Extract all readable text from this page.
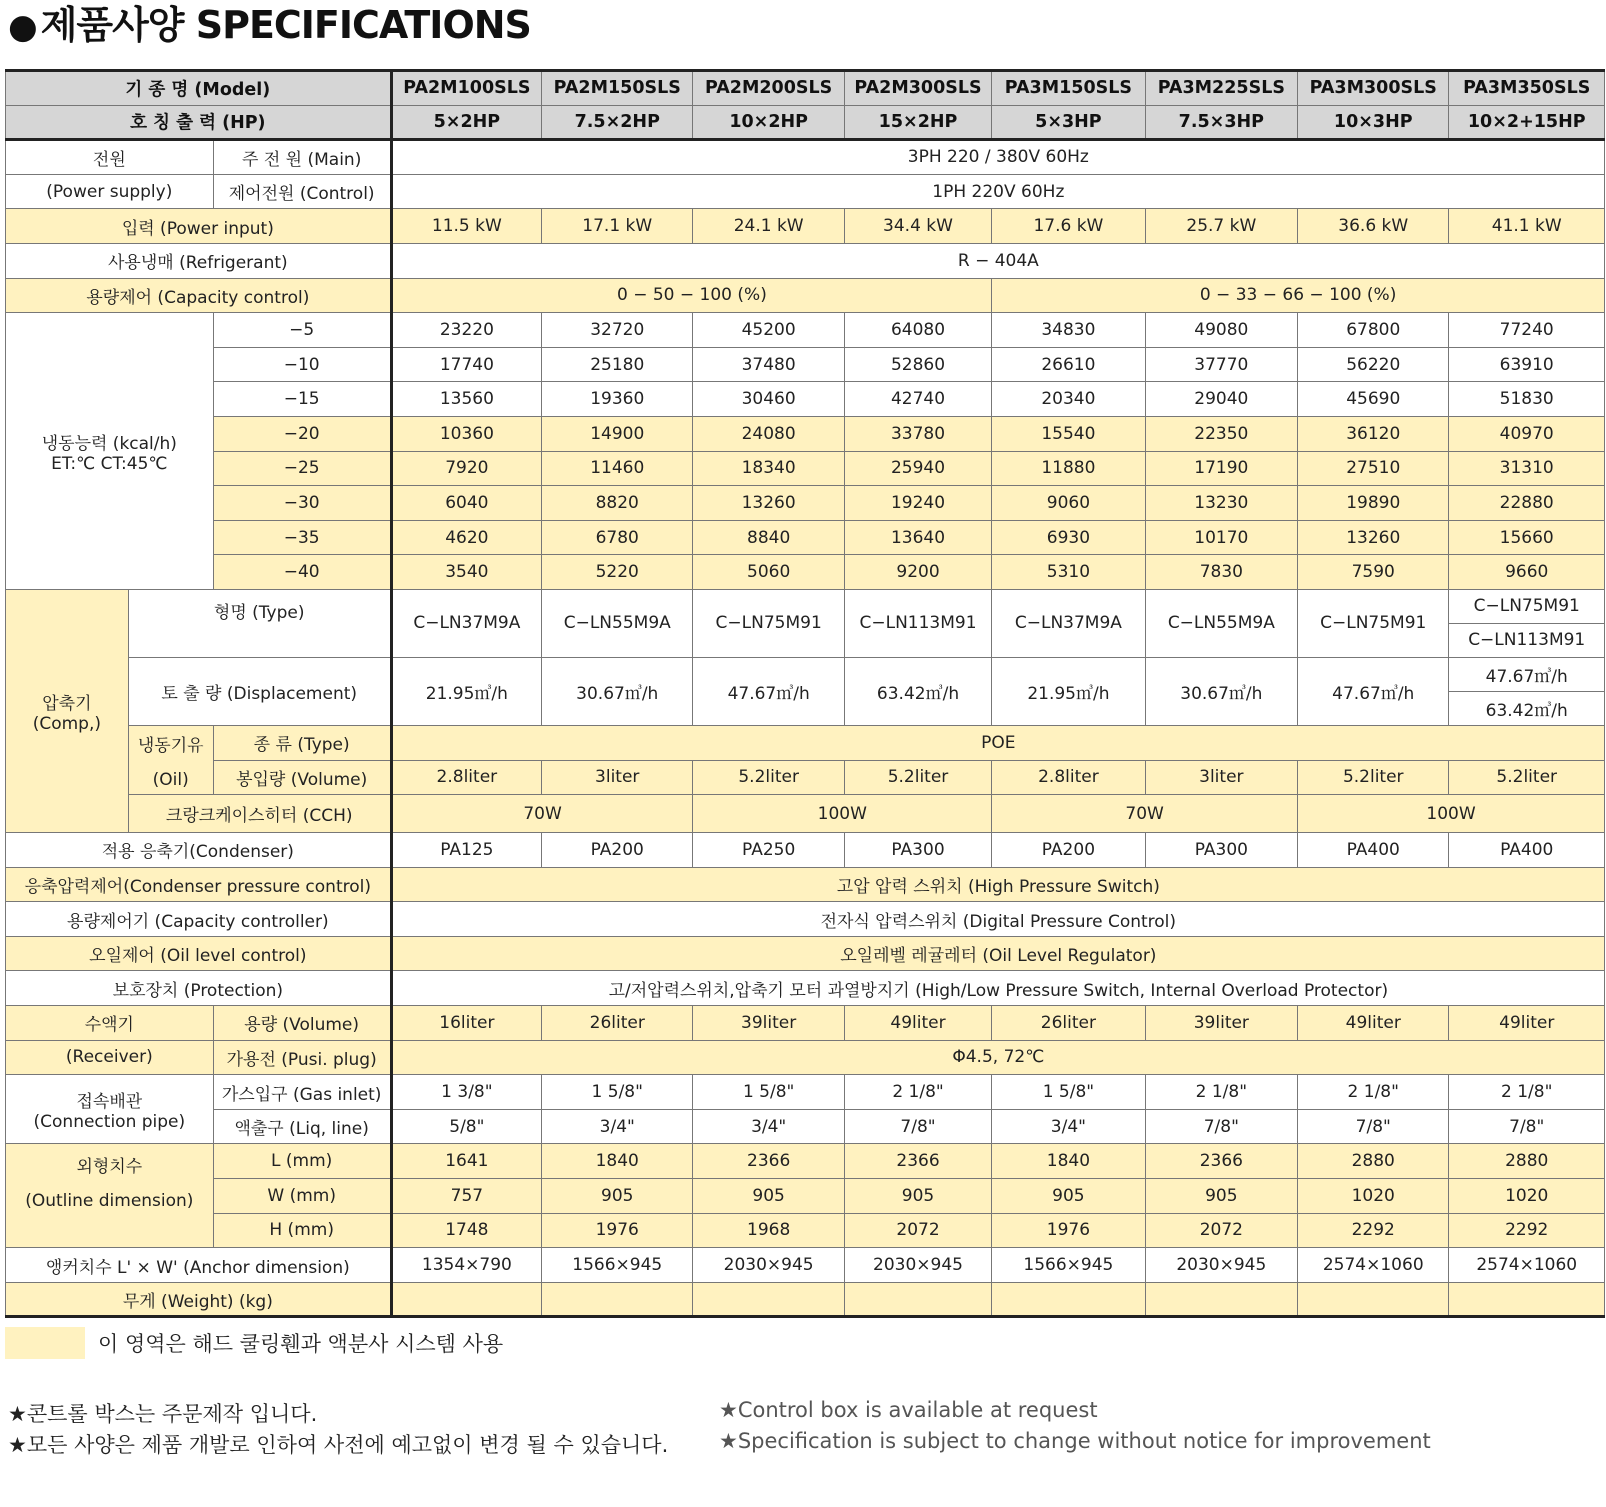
● 제품사양 SPECIFICATIONS
기 종 명 (Model)			PA2M100SLS	PA2M150SLS	PA2M200SLS	PA2M300SLS	PA3M150SLS	PA3M225SLS	PA3M300SLS	PA3M350SLS
호 칭 출 력 (HP)			5×2HP	7.5×2HP	10×2HP	15×2HP	5×3HP	7.5×3HP	10×3HP	10×2+15HP
전원		주 전 원 (Main)	3PH 220 / 380V 60Hz							
(Power supply)		제어전원 (Control)	1PH 220V 60Hz							
입력 (Power input)			11.5 kW	17.1 kW	24.1 kW	34.4 kW	17.6 kW	25.7 kW	36.6 kW	41.1 kW
사용냉매 (Refrigerant)			R − 404A							
용량제어 (Capacity control)			0 − 50 − 100 (%)				0 − 33 − 66 − 100 (%)			

냉동능력 (kcal/h)
ET:℃ CT:45℃		−5	23220	32720	45200	64080	34830	49080	67800	77240
		−10	17740	25180	37480	52860	26610	37770	56220	63910
		−15	13560	19360	30460	42740	20340	29040	45690	51830
		−20	10360	14900	24080	33780	15540	22350	36120	40970
		−25	7920	11460	18340	25940	11880	17190	27510	31310
		−30	6040	8820	13260	19240	9060	13230	19890	22880
		−35	4620	6780	8840	13640	6930	10170	13260	15660
		−40	3540	5220	5060	9200	5310	7830	7590	9660

압축기
(Comp,)	형명 (Type)		C−LN37M9A	C−LN55M9A	C−LN75M91	C−LN113M91	C−LN37M9A	C−LN55M9A	C−LN75M91	C−LN75M91
										C−LN113M91
	토 출 량 (Displacement)		21.95㎥/h	30.67㎥/h	47.67㎥/h	63.42㎥/h	21.95㎥/h	30.67㎥/h	47.67㎥/h	47.67㎥/h
										63.42㎥/h

	냉동기유
(Oil)	종 류 (Type)	POE							
		봉입량 (Volume)	2.8liter	3liter	5.2liter	5.2liter	2.8liter	3liter	5.2liter	5.2liter
	크랑크케이스히터 (CCH)		70W		100W		70W		100W	
적용 응축기(Condenser)			PA125	PA200	PA250	PA300	PA200	PA300	PA400	PA400
응축압력제어(Condenser pressure control)			고압 압력 스위치 (High Pressure Switch)							
용량제어기 (Capacity controller)			전자식 압력스위치 (Digital Pressure Control)							
오일제어 (Oil level control)			오일레벨 레귤레터 (Oil Level Regulator)							
보호장치 (Protection)			고/저압력스위치,압축기 모터 과열방지기 (High/Low Pressure Switch, Internal Overload Protector)							
수액기		용량 (Volume)	16liter	26liter	39liter	49liter	26liter	39liter	49liter	49liter
(Receiver)		가용전 (Pusi. plug)	Φ4.5, 72℃							

접속배관
(Connection pipe)		가스입구 (Gas inlet)	1 3/8"	1 5/8"	1 5/8"	2 1/8"	1 5/8"	2 1/8"	2 1/8"	2 1/8"
		액출구 (Liq, line)	5/8"	3/4"	3/4"	7/8"	3/4"	7/8"	7/8"	7/8"

외형치수
(Outline dimension)		L (mm)	1641	1840	2366	2366	1840	2366	2880	2880
		W (mm)	757	905	905	905	905	905	1020	1020
		H (mm)	1748	1976	1968	2072	1976	2072	2292	2292
앵커치수 L' × W' (Anchor dimension)			1354×790	1566×945	2030×945	2030×945	1566×945	2030×945	2574×1060	2574×1060
무게 (Weight) (kg)										
이 영역은 해드 쿨링휀과 액분사 시스템 사용
★콘트롤 박스는 주문제작 입니다.
★모든 사양은 제품 개발로 인하여 사전에 예고없이 변경 될 수 있습니다.
★Control box is available at request
★Specification is subject to change without notice for improvement
